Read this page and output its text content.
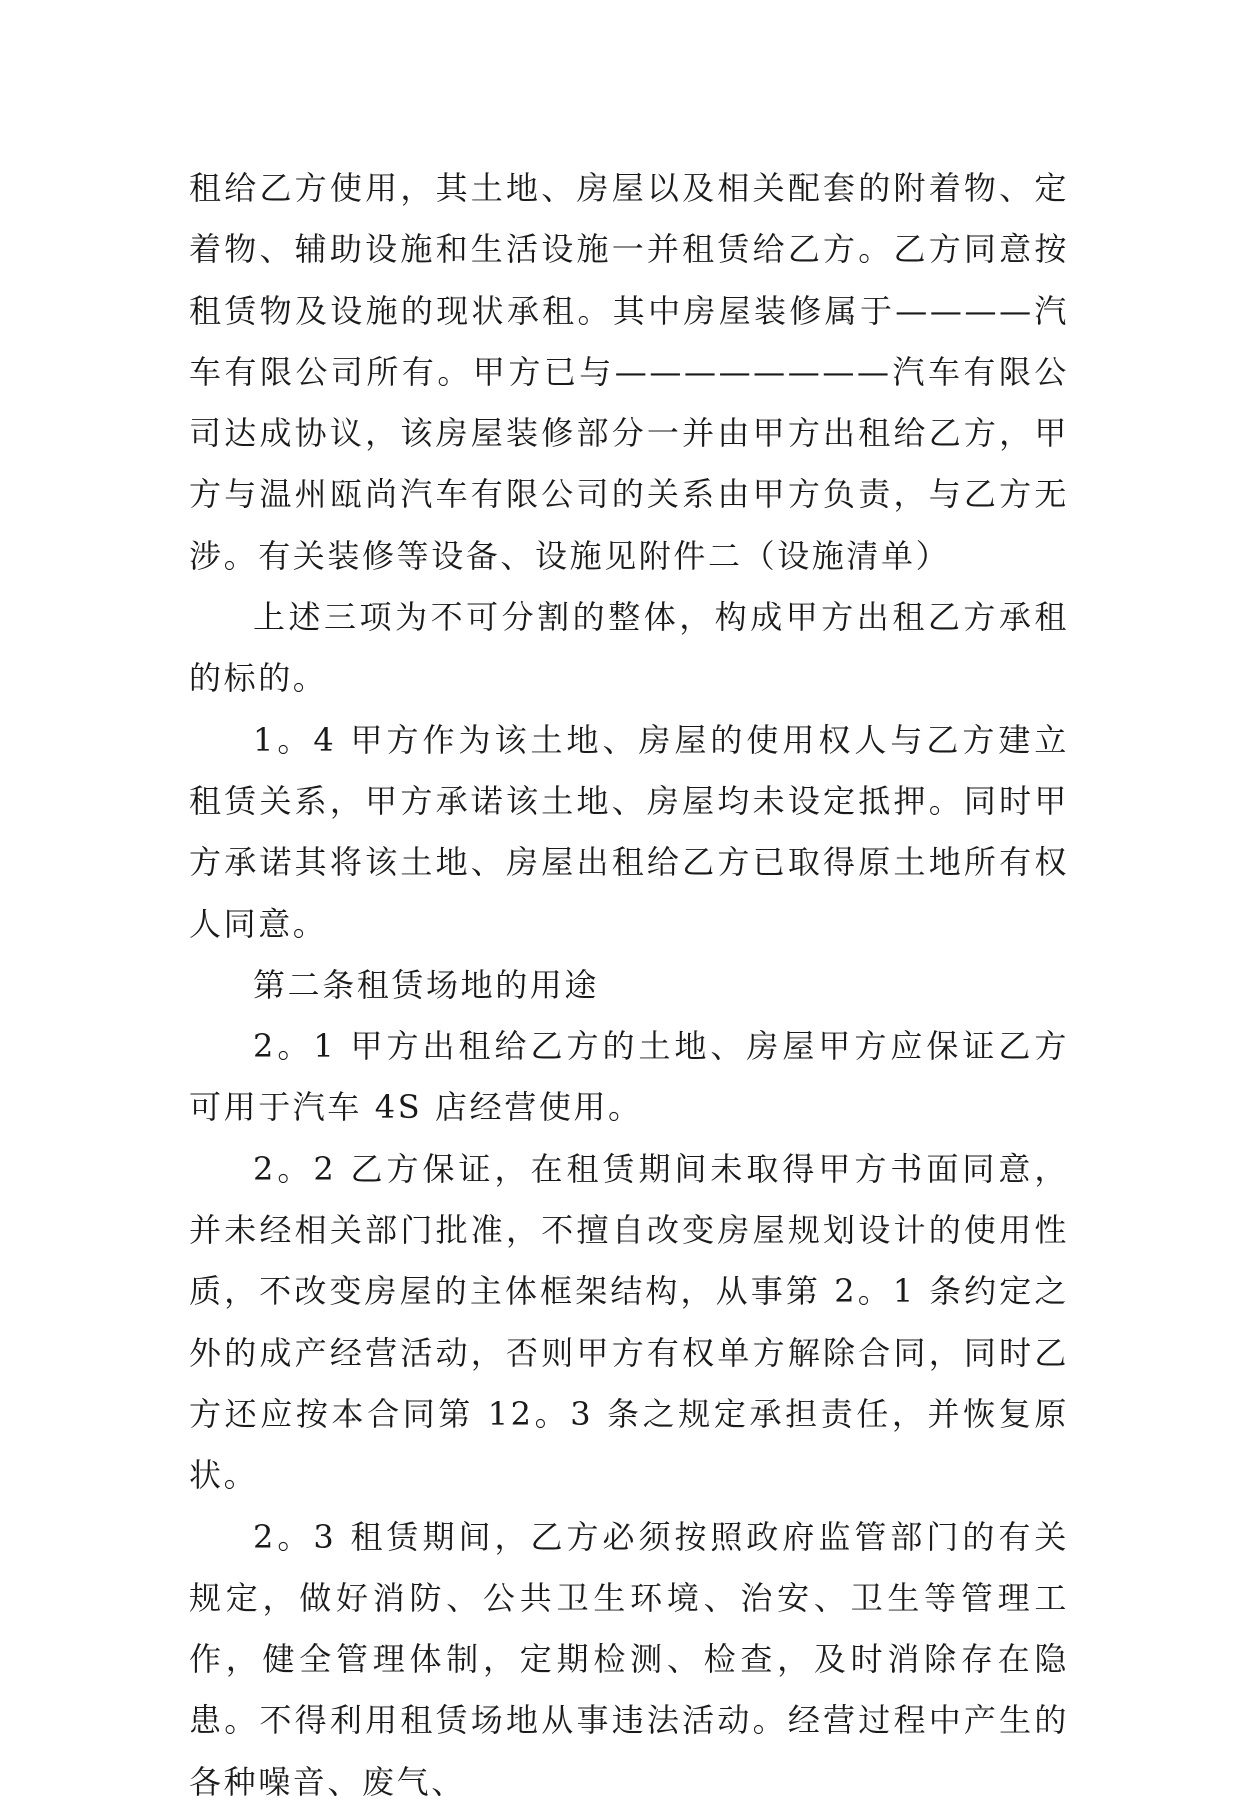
租给乙方使用，其土地、房屋以及相关配套的附着物、定着物、辅助设施和生活设施一并租赁给乙方。乙方同意按租赁物及设施的现状承租。其中房屋装修属于————汽车有限公司所有。甲方已与————————汽车有限公司达成协议，该房屋装修部分一并由甲方出租给乙方，甲方与温州瓯尚汽车有限公司的关系由甲方负责，与乙方无涉。有关装修等设备、设施见附件二（设施清单）

上述三项为不可分割的整体，构成甲方出租乙方承租的标的。

1。4 甲方作为该土地、房屋的使用权人与乙方建立租赁关系，甲方承诺该土地、房屋均未设定抵押。同时甲方承诺其将该土地、房屋出租给乙方已取得原土地所有权人同意。

第二条租赁场地的用途

2。1 甲方出租给乙方的土地、房屋甲方应保证乙方可用于汽车 4S 店经营使用。

2。2 乙方保证，在租赁期间未取得甲方书面同意，并未经相关部门批准，不擅自改变房屋规划设计的使用性质，不改变房屋的主体框架结构，从事第 2。1 条约定之外的成产经营活动，否则甲方有权单方解除合同，同时乙方还应按本合同第 12。3 条之规定承担责任，并恢复原状。

2。3 租赁期间，乙方必须按照政府监管部门的有关规定，做好消防、公共卫生环境、治安、卫生等管理工作，健全管理体制，定期检测、检查，及时消除存在隐患。不得利用租赁场地从事违法活动。经营过程中产生的各种噪音、废气、
